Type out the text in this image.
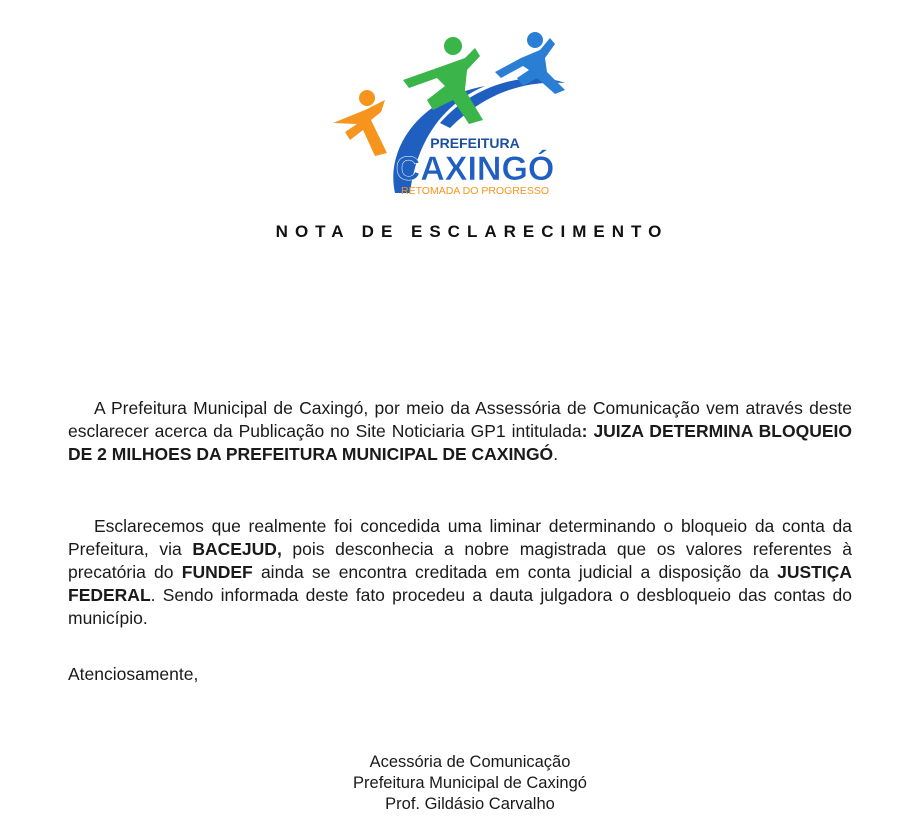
PREFEITURA
CAXINGÓ
RETOMADA DO PROGRESSO
NOTA DE ESCLARECIMENTO
A Prefeitura Municipal de Caxingó, por meio da Assessória de Comunicação vem através deste esclarecer acerca da Publicação no Site Noticiaria GP1 intitulada: JUIZA DETERMINA BLOQUEIO DE 2 MILHOES DA PREFEITURA MUNICIPAL DE CAXINGÓ.
Esclarecemos que realmente foi concedida uma liminar determinando o bloqueio da conta da Prefeitura, via BACEJUD, pois desconhecia a nobre magistrada que os valores referentes à precatória do FUNDEF ainda se encontra creditada em conta judicial a disposição da JUSTIÇA FEDERAL. Sendo informada deste fato procedeu a dauta julgadora o desbloqueio das contas do município.
Atenciosamente,
Acessória de Comunicação
Prefeitura Municipal de Caxingó
Prof. Gildásio Carvalho
